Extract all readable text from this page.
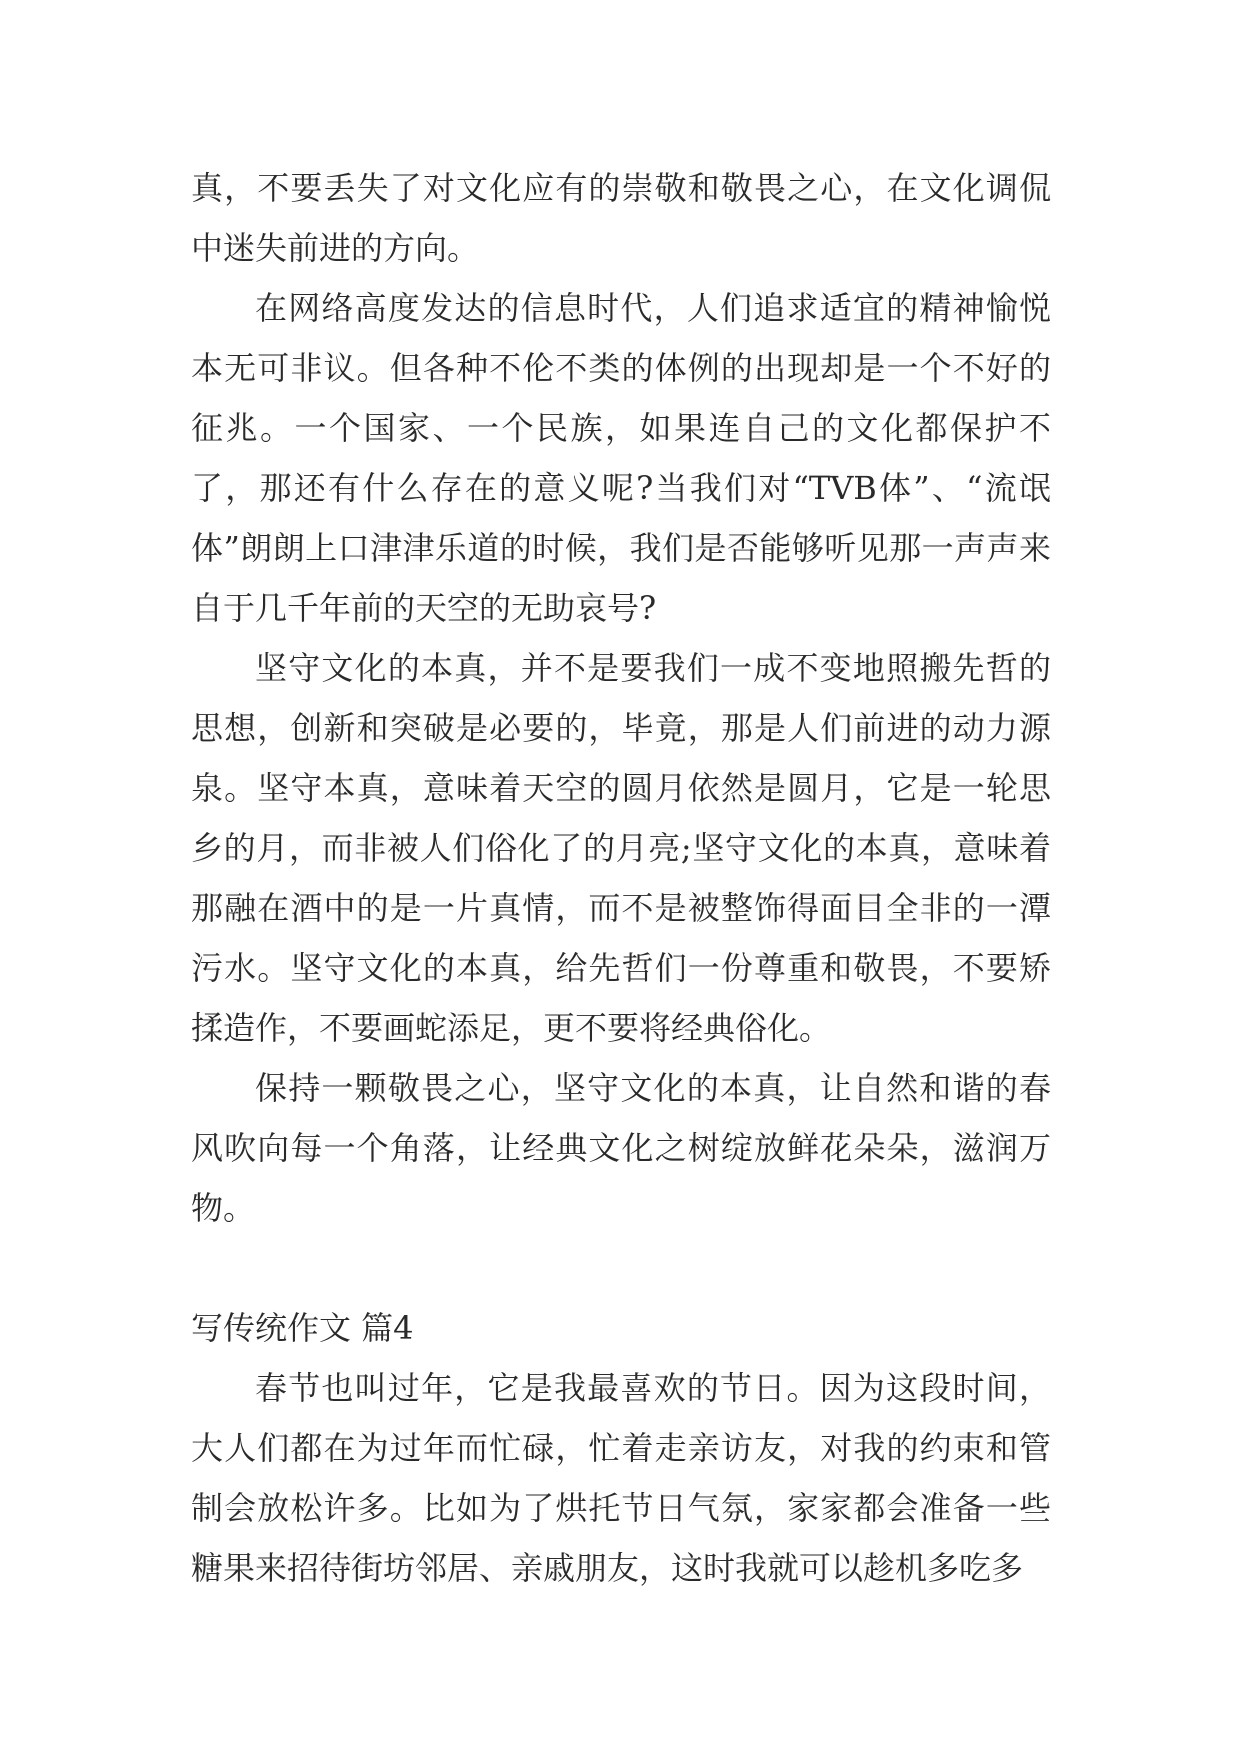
真，不要丢失了对文化应有的崇敬和敬畏之心，在文化调侃中迷失前进的方向。

在网络高度发达的信息时代，人们追求适宜的精神愉悦本无可非议。但各种不伦不类的体例的出现却是一个不好的征兆。一个国家、一个民族，如果连自己的文化都保护不了，那还有什么存在的意义呢?当我们对“TVB体”、“流氓体”朗朗上口津津乐道的时候，我们是否能够听见那一声声来自于几千年前的天空的无助哀号?

坚守文化的本真，并不是要我们一成不变地照搬先哲的思想，创新和突破是必要的，毕竟，那是人们前进的动力源泉。坚守本真，意味着天空的圆月依然是圆月，它是一轮思乡的月，而非被人们俗化了的月亮;坚守文化的本真，意味着那融在酒中的是一片真情，而不是被整饰得面目全非的一潭污水。坚守文化的本真，给先哲们一份尊重和敬畏，不要矫揉造作，不要画蛇添足，更不要将经典俗化。

保持一颗敬畏之心，坚守文化的本真，让自然和谐的春风吹向每一个角落，让经典文化之树绽放鲜花朵朵，滋润万物。

写传统作文 篇4

春节也叫过年，它是我最喜欢的节日。因为这段时间，大人们都在为过年而忙碌，忙着走亲访友，对我的约束和管制会放松许多。比如为了烘托节日气氛，家家都会准备一些糖果来招待街坊邻居、亲戚朋友，这时我就可以趁机多吃多
